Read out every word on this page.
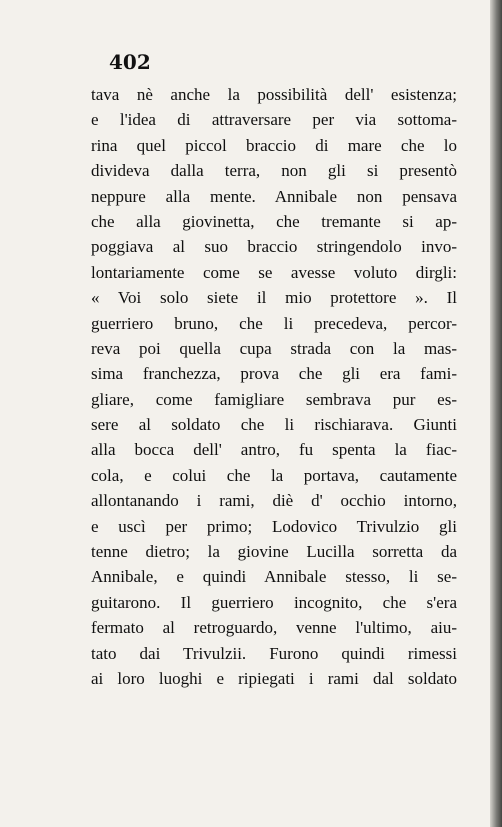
402
tava nè anche la possibilità dell' esistenza;
e l'idea di attraversare per via sottoma-
rina quel piccol braccio di mare che lo
divideva dalla terra, non gli si presentò
neppure alla mente. Annibale non pensava
che alla giovinetta, che tremante si ap-
poggiava al suo braccio stringendolo invo-
lontariamente come se avesse voluto dirgli:
« Voi solo siete il mio protettore ». Il
guerriero bruno, che li precedeva, percor-
reva poi quella cupa strada con la mas-
sima franchezza, prova che gli era fami-
gliare, come famigliare sembrava pur es-
sere al soldato che li rischiarava. Giunti
alla bocca dell' antro, fu spenta la fiac-
cola, e colui che la portava, cautamente
allontanando i rami, diè d' occhio intorno,
e uscì per primo; Lodovico Trivulzio gli
tenne dietro; la giovine Lucilla sorretta da
Annibale, e quindi Annibale stesso, li se-
guitarono. Il guerriero incognito, che s'era
fermato al retroguardo, venne l'ultimo, aiu-
tato dai Trivulzii. Furono quindi rimessi
ai loro luoghi e ripiegati i rami dal soldato
